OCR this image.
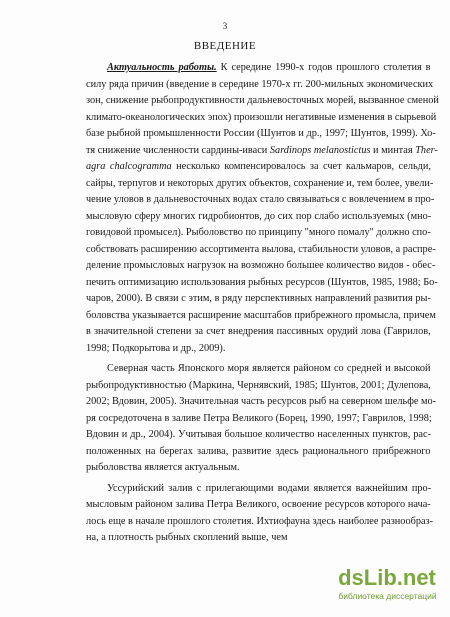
3
ВВЕДЕНИЕ
Актуальность работы. К середине 1990-х годов прошлого столетия в
силу ряда причин (введение в середине 1970-х гг. 200-мильных экономических
зон, снижение рыбопродуктивности дальневосточных морей, вызванное сменой
климато-океанологических эпох) произошли негативные изменения в сырьевой
базе рыбной промышленности России (Шунтов и др., 1997; Шунтов, 1999). Хо-
тя снижение численности сардины-иваси Sardinops melanostictus и минтая Ther-
agra chalcogramma несколько компенсировалось за счет кальмаров, сельди,
сайры, терпугов и некоторых других объектов, сохранение и, тем более, увели-
чение уловов в дальневосточных водах стало связываться с вовлечением в про-
мысловую сферу многих гидробионтов, до сих пор слабо используемых (мно-
говидовой промысел). Рыболовство по принципу "много помалу" должно спо-
собствовать расширению ассортимента вылова, стабильности уловов, а распре-
деление промысловых нагрузок на возможно большее количество видов - обес-
печить оптимизацию использования рыбных ресурсов (Шунтов, 1985, 1988; Бо-
чаров, 2000). В связи с этим, в ряду перспективных направлений развития ры-
боловства указывается расширение масштабов прибрежного промысла, причем
в значительной степени за счет внедрения пассивных орудий лова (Гаврилов,
1998; Подкорытова и др., 2009).
Северная часть Японского моря является районом со средней и высокой
рыбопродуктивностью (Маркина, Чернявский, 1985; Шунтов, 2001; Дулепова,
2002; Вдовин, 2005). Значительная часть ресурсов рыб на северном шельфе мо-
ря сосредоточена в заливе Петра Великого (Борец, 1990, 1997; Гаврилов, 1998;
Вдовин и др., 2004). Учитывая большое количество населенных пунктов, рас-
положенных на берегах залива, развитие здесь рационального прибрежного
рыболовства является актуальным.
Уссурийский залив с прилегающими водами является важнейшим про-
мысловым районом залива Петра Великого, освоение ресурсов которого нача-
лось еще в начале прошлого столетия. Ихтиофауна здесь наиболее разнообраз-
на, а плотность рыбных скоплений выше, чем
dsLib.net
библиотека диссертаций
